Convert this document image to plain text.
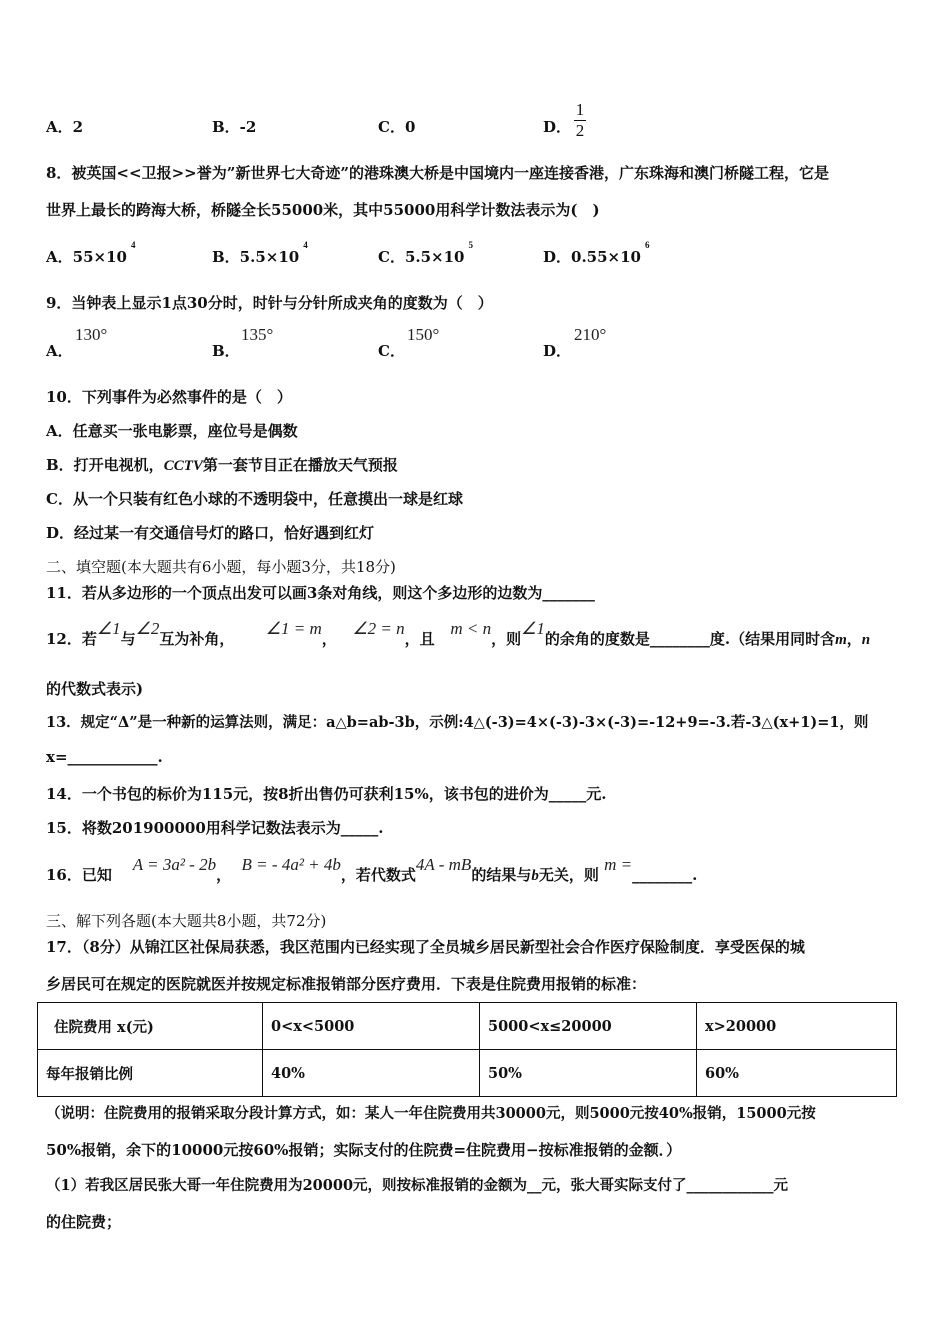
A．2	B．-2	C．0	D．
1
2
8．被英国<<卫报>>誉为”新世界七大奇迹”的港珠澳大桥是中国境内一座连接香港，广东珠海和澳门桥隧工程，它是
世界上最长的跨海大桥，桥隧全长55000米，其中55000用科学计数法表示为(　)
A．$55\times 10^4$
B．$5.5\times 10^4$
C．$5.5\times 10^5$
D．$0.55\times 10^6$
9．当钟表上显示1点30分时，时针与分针所成夹角的度数为（　）
A．
130°
B．
135°
C．
150°
D．
210°
10．下列事件为必然事件的是（　）
A．任意买一张电影票，座位号是偶数
B．打开电视机，CCTV第一套节目正在播放天气预报
C．从一个只装有红色小球的不透明袋中，任意摸出一球是红球
D．经过某一有交通信号灯的路口，恰好遇到红灯
二、填空题(本大题共有6小题，每小题3分，共18分)
11．若从多边形的一个顶点出发可以画3条对角线，则这个多边形的边数为_______
12．若∠1与∠2互为补角，      ∠1 = m，   ∠2 = n，且   m < n，则∠1的余角的度数是________度.（结果用同时含m，n
的代数式表示)
13．规定“Δ”是一种新的运算法则，满足：a△b=ab-3b，示例:4△(-3)=4×(-3)-3×(-3)=-12+9=-3.若-3△(x+1)=1，则
x=____________.
14．一个书包的标价为115元，按8折出售仍可获利15%，该书包的进价为_____元.
15．将数201900000用科学记数法表示为_____.
16．已知    A = 3a² - 2b，  B = - 4a² + 4b，若代数式4A - mB的结果与b无关，则 m =________.
三、解下列各题(本大题共8小题，共72分)
17．（8分）从锦江区社保局获悉，我区范围内已经实现了全员城乡居民新型社会合作医疗保险制度．享受医保的城
乡居民可在规定的医院就医并按规定标准报销部分医疗费用．下表是住院费用报销的标准：
住院费用 x(元)	0<x<5000	5000<x≤20000	x>20000
每年报销比例	40%	50%	60%
（说明：住院费用的报销采取分段计算方式，如：某人一年住院费用共30000元，则5000元按40%报销，15000元按
50%报销，余下的10000元按60%报销；实际支付的住院费=住院费用−按标准报销的金额．）
（1）若我区居民张大哥一年住院费用为20000元，则按标准报销的金额为__元，张大哥实际支付了____________元
的住院费；
